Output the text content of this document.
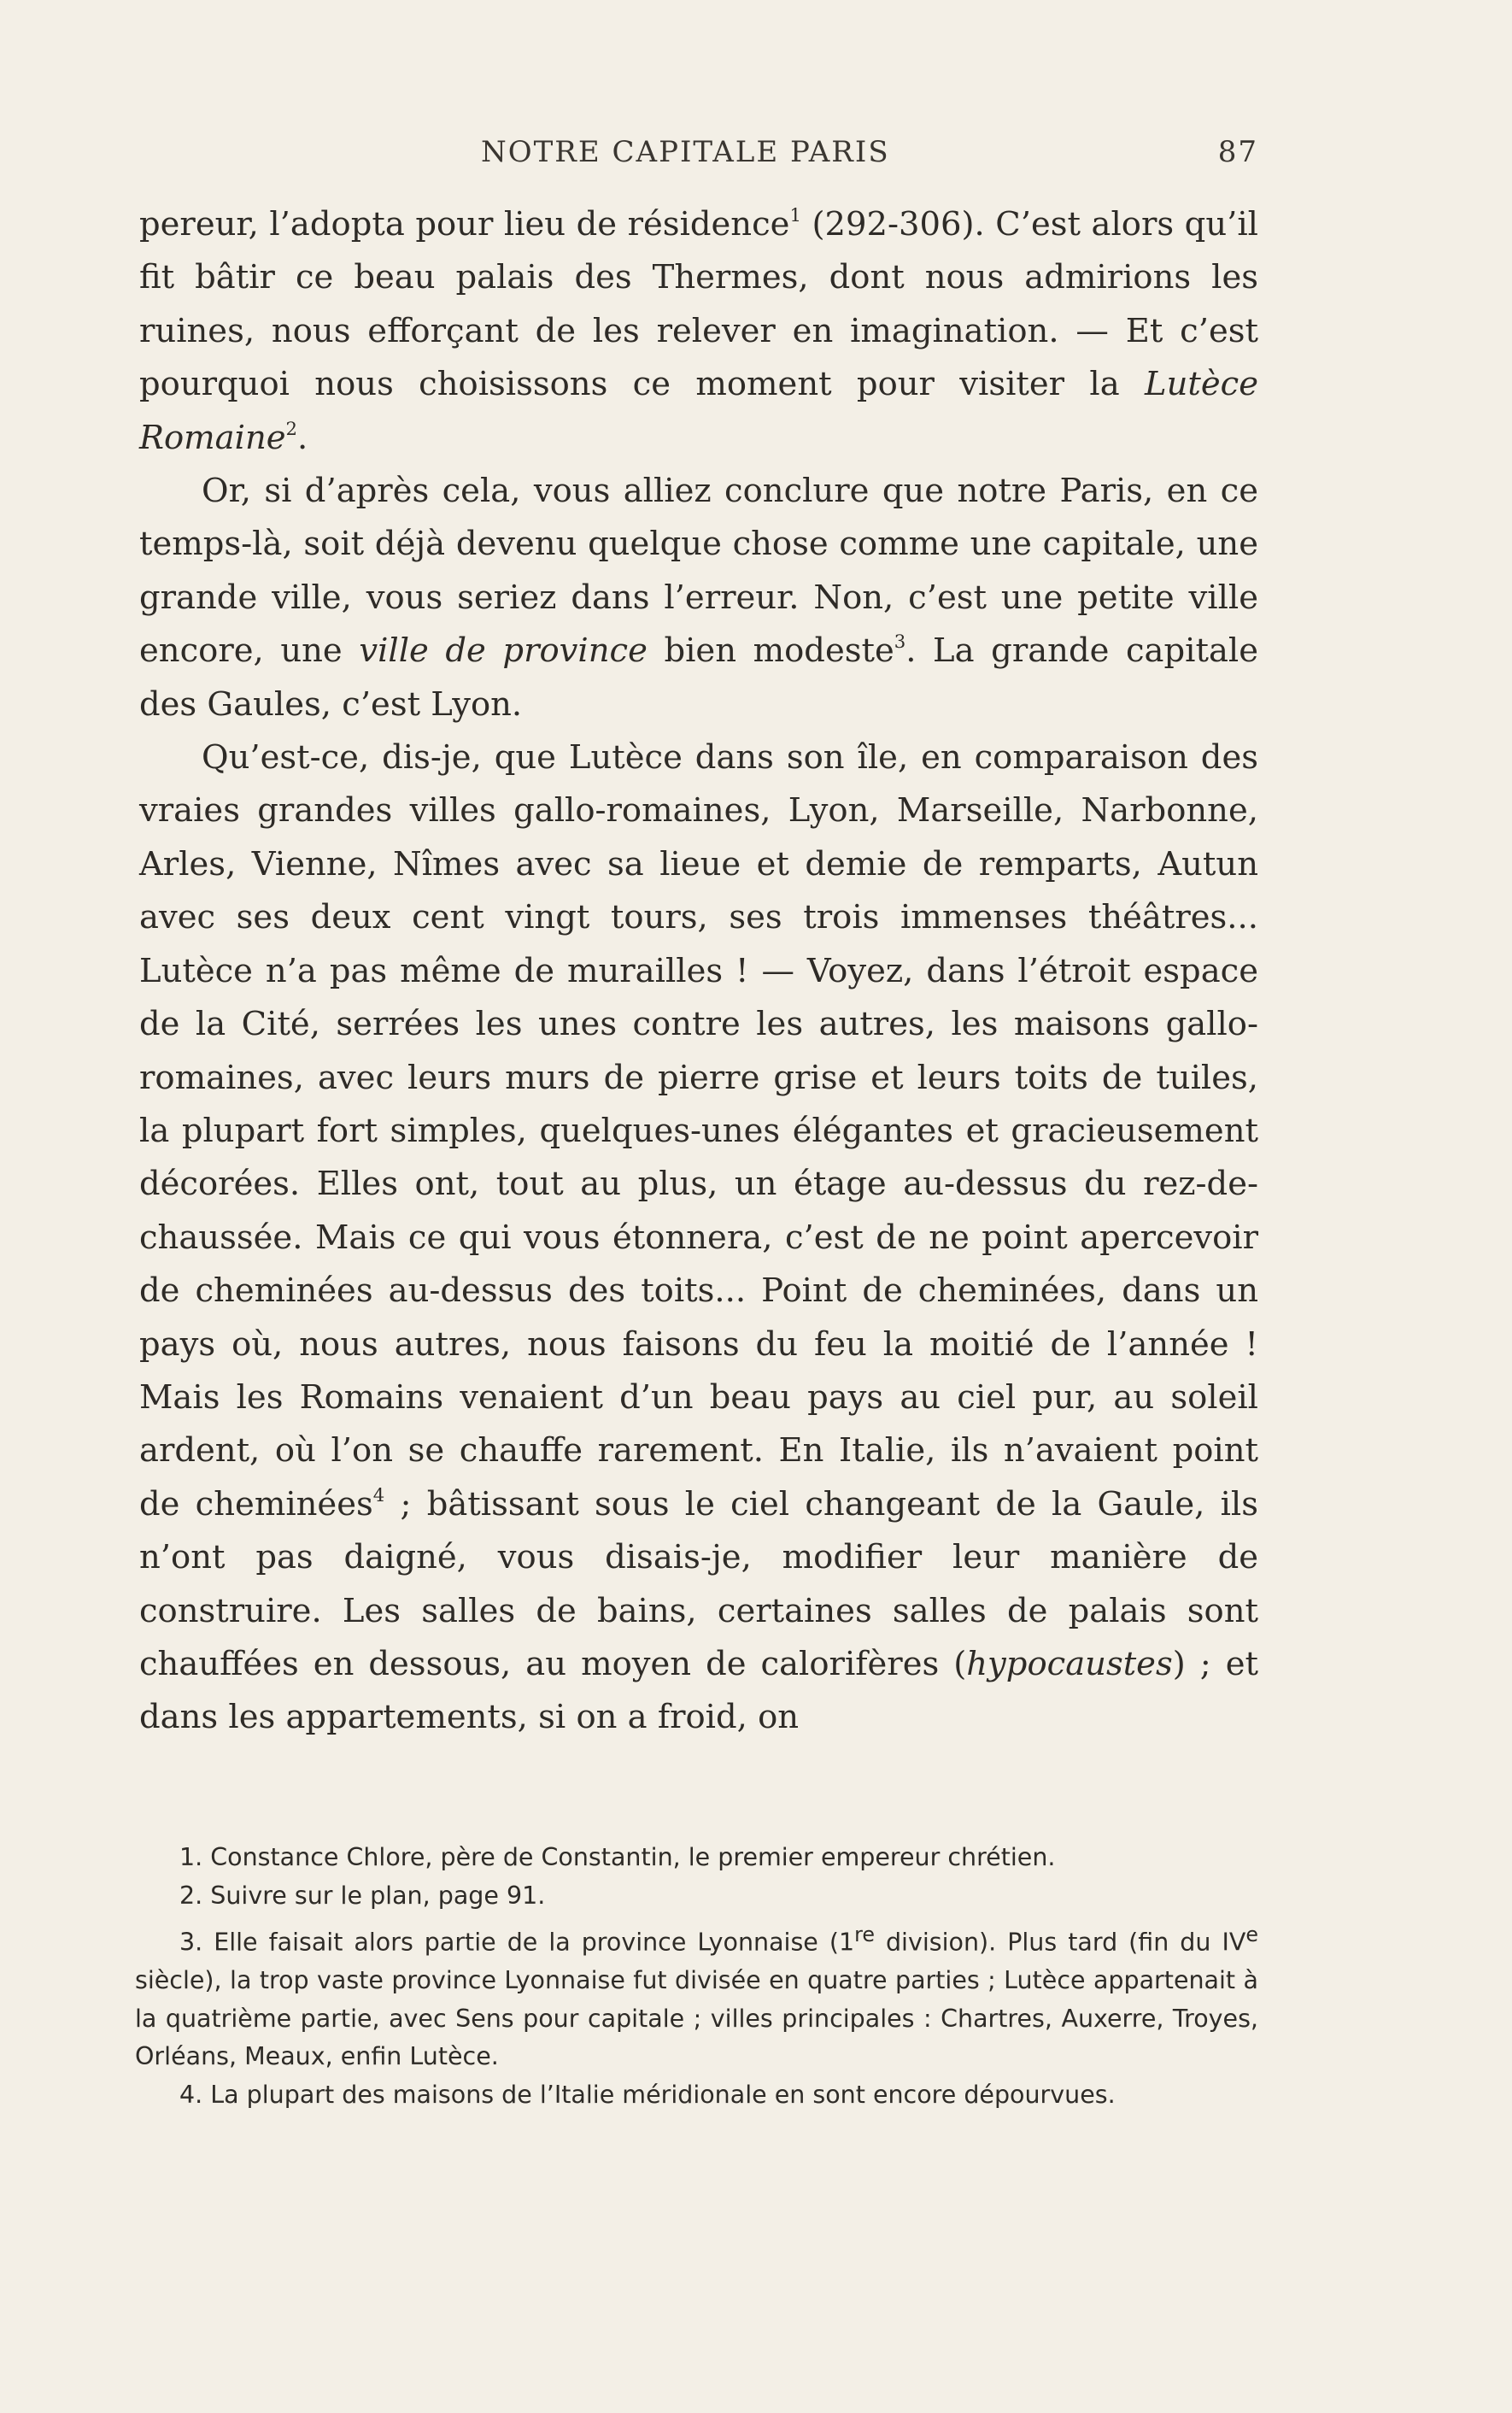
NOTRE CAPITALE PARIS	87

pereur, l’adopta pour lieu de résidence$^1$ (292-306). C’est alors qu’il fit bâtir ce beau palais des Thermes, dont nous admirions les ruines, nous efforçant de les relever en imagination. — Et c’est pourquoi nous choisissons ce moment pour visiter la Lutèce Romaine$^2$.

Or, si d’après cela, vous alliez conclure que notre Paris, en ce temps-là, soit déjà devenu quelque chose comme une capitale, une grande ville, vous seriez dans l’erreur. Non, c’est une petite ville encore, une ville de province bien modeste$^3$. La grande capitale des Gaules, c’est Lyon.

Qu’est-ce, dis-je, que Lutèce dans son île, en comparaison des vraies grandes villes gallo-romaines, Lyon, Marseille, Narbonne, Arles, Vienne, Nîmes avec sa lieue et demie de remparts, Autun avec ses deux cent vingt tours, ses trois immenses théâtres... Lutèce n’a pas même de murailles ! — Voyez, dans l’étroit espace de la Cité, serrées les unes contre les autres, les maisons gallo-romaines, avec leurs murs de pierre grise et leurs toits de tuiles, la plupart fort simples, quelques-unes élégantes et gracieusement décorées. Elles ont, tout au plus, un étage au-dessus du rez-de-chaussée. Mais ce qui vous étonnera, c’est de ne point apercevoir de cheminées au-dessus des toits... Point de cheminées, dans un pays où, nous autres, nous faisons du feu la moitié de l’année ! Mais les Romains venaient d’un beau pays au ciel pur, au soleil ardent, où l’on se chauffe rarement. En Italie, ils n’avaient point de cheminées$^4$ ; bâtissant sous le ciel changeant de la Gaule, ils n’ont pas daigné, vous disais-je, modifier leur manière de construire. Les salles de bains, certaines salles de palais sont chauffées en dessous, au moyen de calorifères (hypocaustes) ; et dans les appartements, si on a froid, on

1. Constance Chlore, père de Constantin, le premier empereur chrétien.

2. Suivre sur le plan, page 91.

3. Elle faisait alors partie de la province Lyonnaise (1re division). Plus tard (fin du IVe siècle), la trop vaste province Lyonnaise fut divisée en quatre parties ; Lutèce appartenait à la quatrième partie, avec Sens pour capitale ; villes principales : Chartres, Auxerre, Troyes, Orléans, Meaux, enfin Lutèce.

4. La plupart des maisons de l’Italie méridionale en sont encore dépourvues.
